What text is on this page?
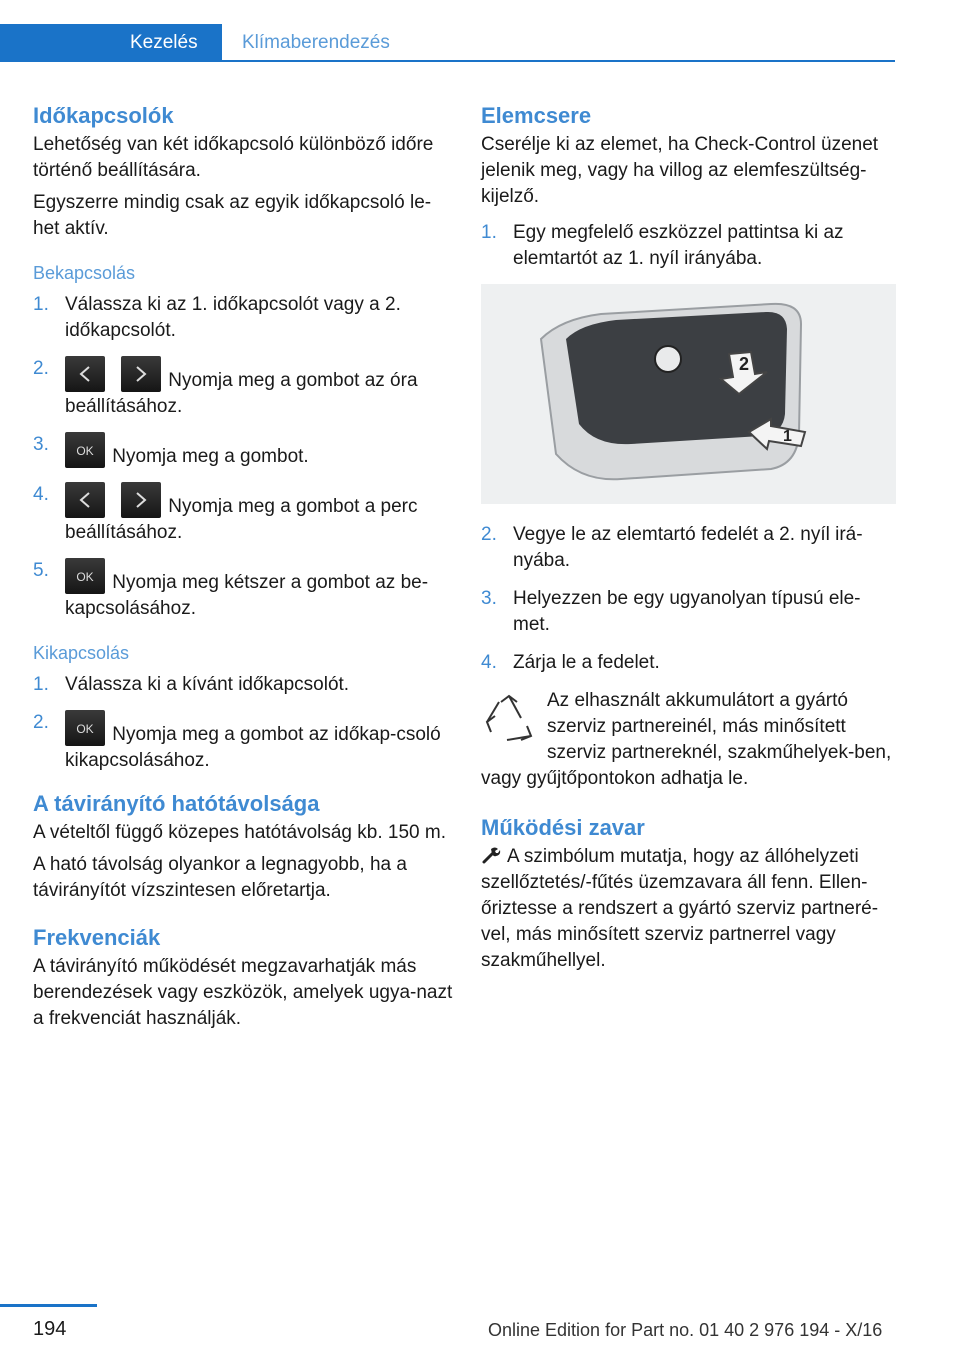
Kezelés	Klímaberendezés
Időkapcsolók

Lehetőség van két időkapcsoló különböző időre történő beállítására.

Egyszerre mindig csak az egyik időkapcsoló le-het aktív.

Bekapcsolás
1. Válassza ki az 1. időkapcsolót vagy a 2. időkapcsolót.
2.
Nyomja meg a gombot az óra beállításához.
3. OK Nyomja meg a gombot.
4.
Nyomja meg a gombot a perc beállításához.
5. OK Nyomja meg kétszer a gombot az be-kapcsolásához.
Kikapcsolás
1. Válassza ki a kívánt időkapcsolót.
2. OK Nyomja meg a gombot az időkap-csoló kikapcsolásához.
A távirányító hatótávolsága

A vételtől függő közepes hatótávolság kb. 150 m.

A ható távolság olyankor a legnagyobb, ha a távirányítót vízszintesen előretartja.

Frekvenciák

A távirányító működését megzavarhatják más berendezések vagy eszközök, amelyek ugya-nazt a frekvenciát használják.

Elemcsere

Cserélje ki az elemet, ha Check-Control üzenet jelenik meg, vagy ha villog az elemfeszültség-kijelző.

1. Egy megfelelő eszközzel pattintsa ki az elemtartót az 1. nyíl irányába.
2
1
2. Vegye le az elemtartó fedelét a 2. nyíl irá-nyába.
3. Helyezzen be egy ugyanolyan típusú ele-met.
4. Zárja le a fedelet.
Az elhasznált akkumulátort a gyártó szerviz partnereinél, más minősített szerviz partnereknél, szakműhelyek-ben, vagy gyűjtőpontokon adhatja le.
Működési zavar

A szimbólum mutatja, hogy az állóhelyzeti szellőztetés/-fűtés üzemzavara áll fenn. Ellen-őriztesse a rendszert a gyártó szerviz partneré-vel, más minősített szerviz partnerrel vagy szakműhellyel.

194	Online Edition for Part no. 01 40 2 976 194 - X/16
